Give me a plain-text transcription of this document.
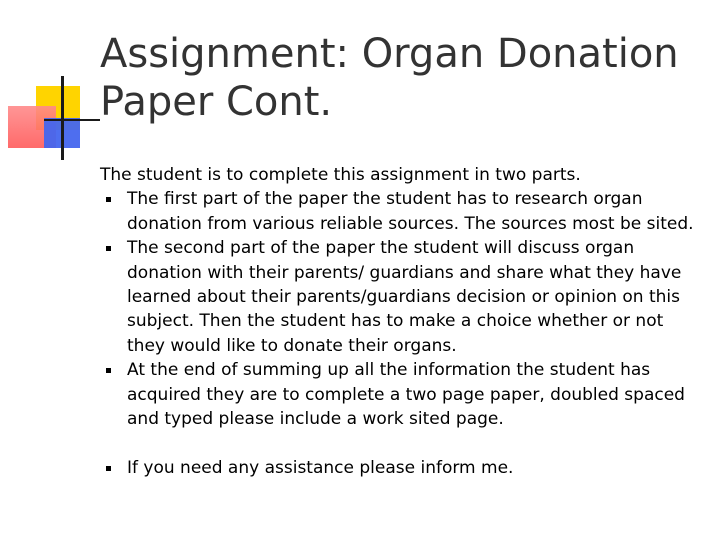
Assignment: Organ Donation
Paper Cont.

The student is to complete this assignment in two parts.

The first part of the paper the student has to research organ donation from various reliable sources. The sources most be sited.
The second part of the paper the student will discuss organ donation with their parents/ guardians and share what they have learned about their parents/guardians decision or opinion on this subject. Then the student has to make a choice whether or not they would like to donate their organs.
At the end of summing up all the information the student has acquired they are to complete a two page paper, doubled spaced and typed please include a work sited page.
If you need any assistance please inform me.
